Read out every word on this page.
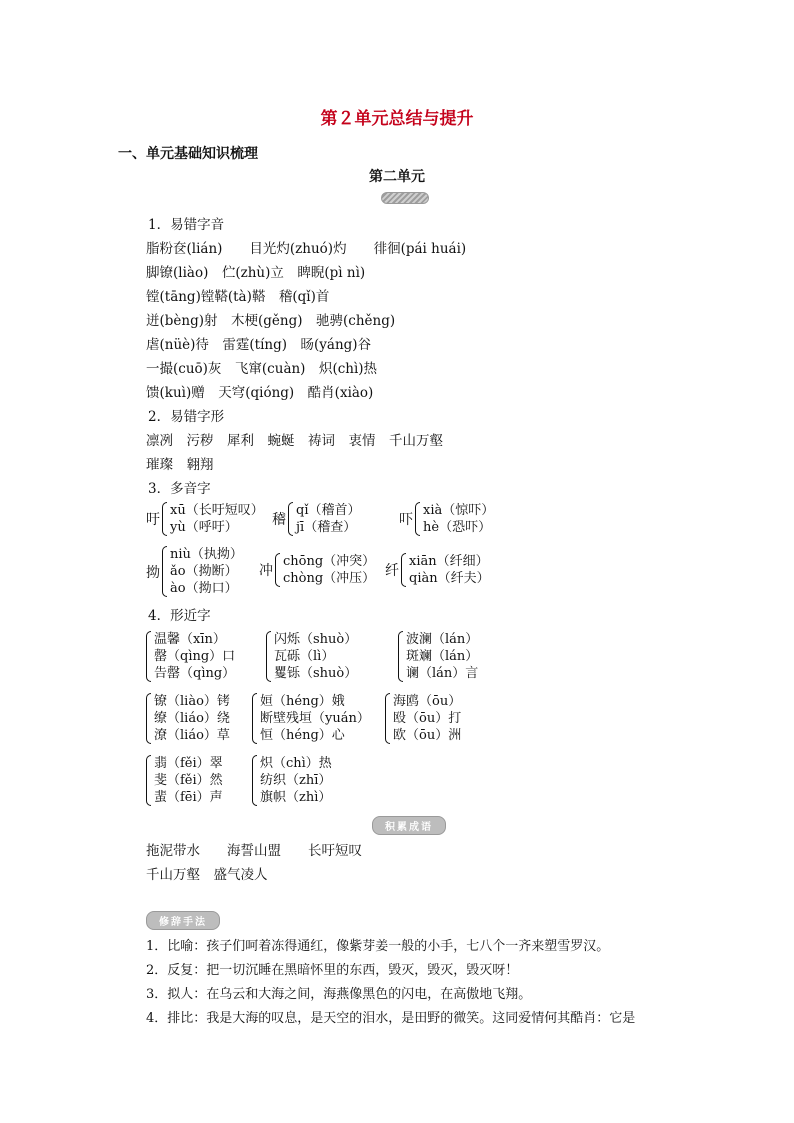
第２单元总结与提升
一、单元基础知识梳理
第二单元
1．易错字音
脂粉奁(lián)　　目光灼(zhuó)灼　　徘徊(pái huái)
脚镣(liào)　伫(zhù)立　睥睨(pì nì)
镗(tāng)镗鞳(tà)鞳　稽(qǐ)首
迸(bèng)射　木梗(gěng)　驰骋(chěng)
虐(nüè)待　雷霆(tíng)　旸(yáng)谷
一撮(cuō)灰　飞窜(cuàn)　炽(chì)热
馈(kuì)赠　天穹(qióng)　酷肖(xiào)
2．易错字形
凛冽　污秽　犀利　蜿蜒　祷词　衷情　千山万壑
璀璨　翱翔
3．多音字
吁
xū（长吁短叹）
yù（呼吁）	稽
qǐ（稽首）
jī（稽查）	吓
xià（惊吓）
hè（恐吓）
拗
niù（执拗）
ǎo（拗断）
ào（拗口）
冲
chōng（冲突）
chòng（冲压） 纤
xiān（纤细）
qiàn（纤夫）
4．形近字
温馨（xīn）
罄（qìng）口
告罄（qìng）
闪烁（shuò）
瓦砾（lì）
矍铄（shuò）
波澜（lán）
斑斓（lán）
谰（lán）言
镣（liào）铐
缭（liáo）绕
潦（liáo）草
姮（héng）娥
断壁残垣（yuán）
恒（héng）心
海鸥（ōu）
殴（ōu）打
欧（ōu）洲
翡（fěi）翠
斐（fěi）然
蜚（fēi）声
炽（chì）热
纺织（zhī）
旗帜（zhì）
积累成语
拖泥带水　　海誓山盟　　长吁短叹
千山万壑　盛气凌人
修辞手法
1．比喻：孩子们呵着冻得通红，像紫芽姜一般的小手，七八个一齐来塑雪罗汉。
2．反复：把一切沉睡在黑暗怀里的东西，毁灭，毁灭，毁灭呀！
3．拟人：在乌云和大海之间，海燕像黑色的闪电，在高傲地飞翔。
4．排比：我是大海的叹息，是天空的泪水，是田野的微笑。这同爱情何其酷肖：它是
